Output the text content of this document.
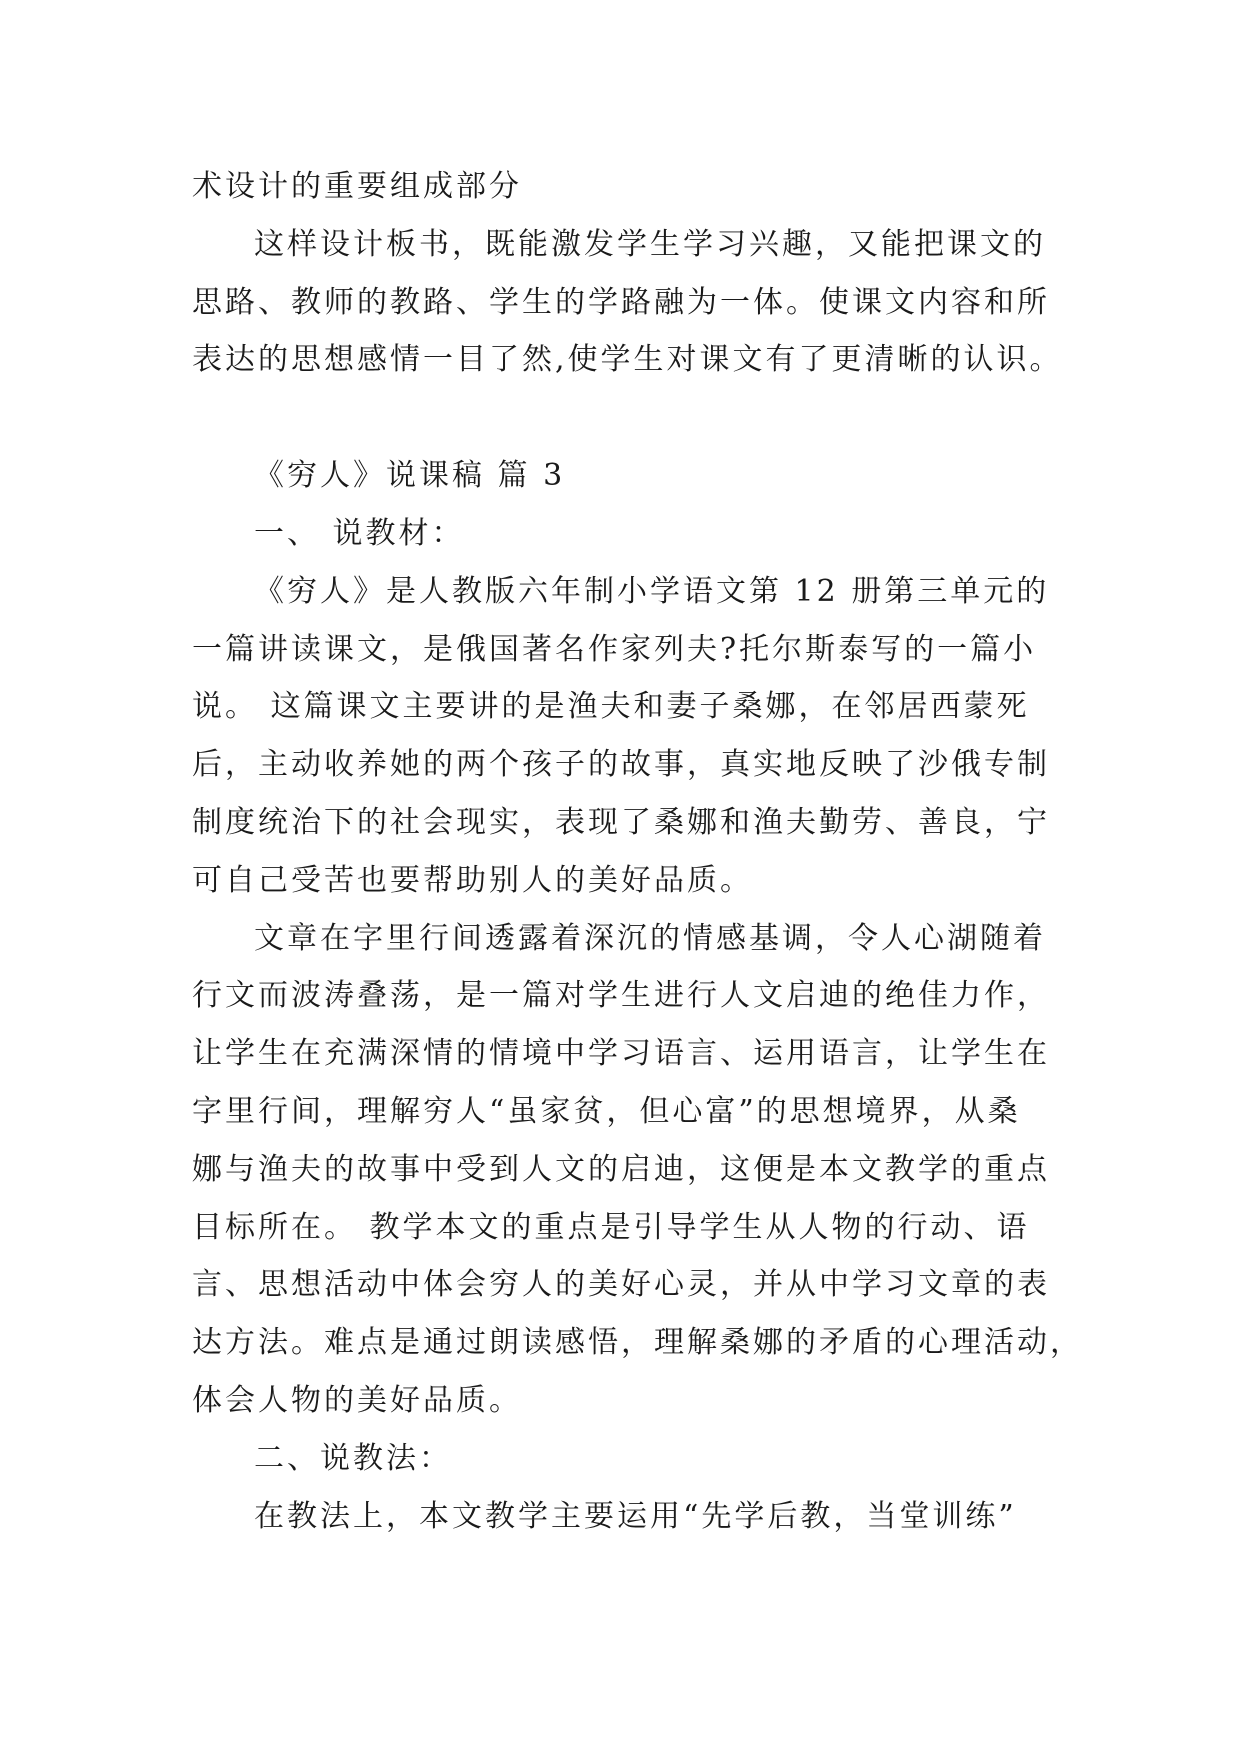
术设计的重要组成部分
这样设计板书，既能激发学生学习兴趣，又能把课文的
思路、教师的教路、学生的学路融为一体。使课文内容和所
表达的思想感情一目了然,使学生对课文有了更清晰的认识。
《穷人》说课稿 篇 3
一、 说教材：
《穷人》是人教版六年制小学语文第 12 册第三单元的
一篇讲读课文，是俄国著名作家列夫?托尔斯泰写的一篇小
说。 这篇课文主要讲的是渔夫和妻子桑娜，在邻居西蒙死
后，主动收养她的两个孩子的故事，真实地反映了沙俄专制
制度统治下的社会现实，表现了桑娜和渔夫勤劳、善良，宁
可自己受苦也要帮助别人的美好品质。
文章在字里行间透露着深沉的情感基调，令人心湖随着
行文而波涛叠荡，是一篇对学生进行人文启迪的绝佳力作，
让学生在充满深情的情境中学习语言、运用语言，让学生在
字里行间，理解穷人“虽家贫，但心富”的思想境界，从桑
娜与渔夫的故事中受到人文的启迪，这便是本文教学的重点
目标所在。 教学本文的重点是引导学生从人物的行动、语
言、思想活动中体会穷人的美好心灵，并从中学习文章的表
达方法。难点是通过朗读感悟，理解桑娜的矛盾的心理活动，
体会人物的美好品质。
二、说教法：
在教法上，本文教学主要运用“先学后教，当堂训练”
